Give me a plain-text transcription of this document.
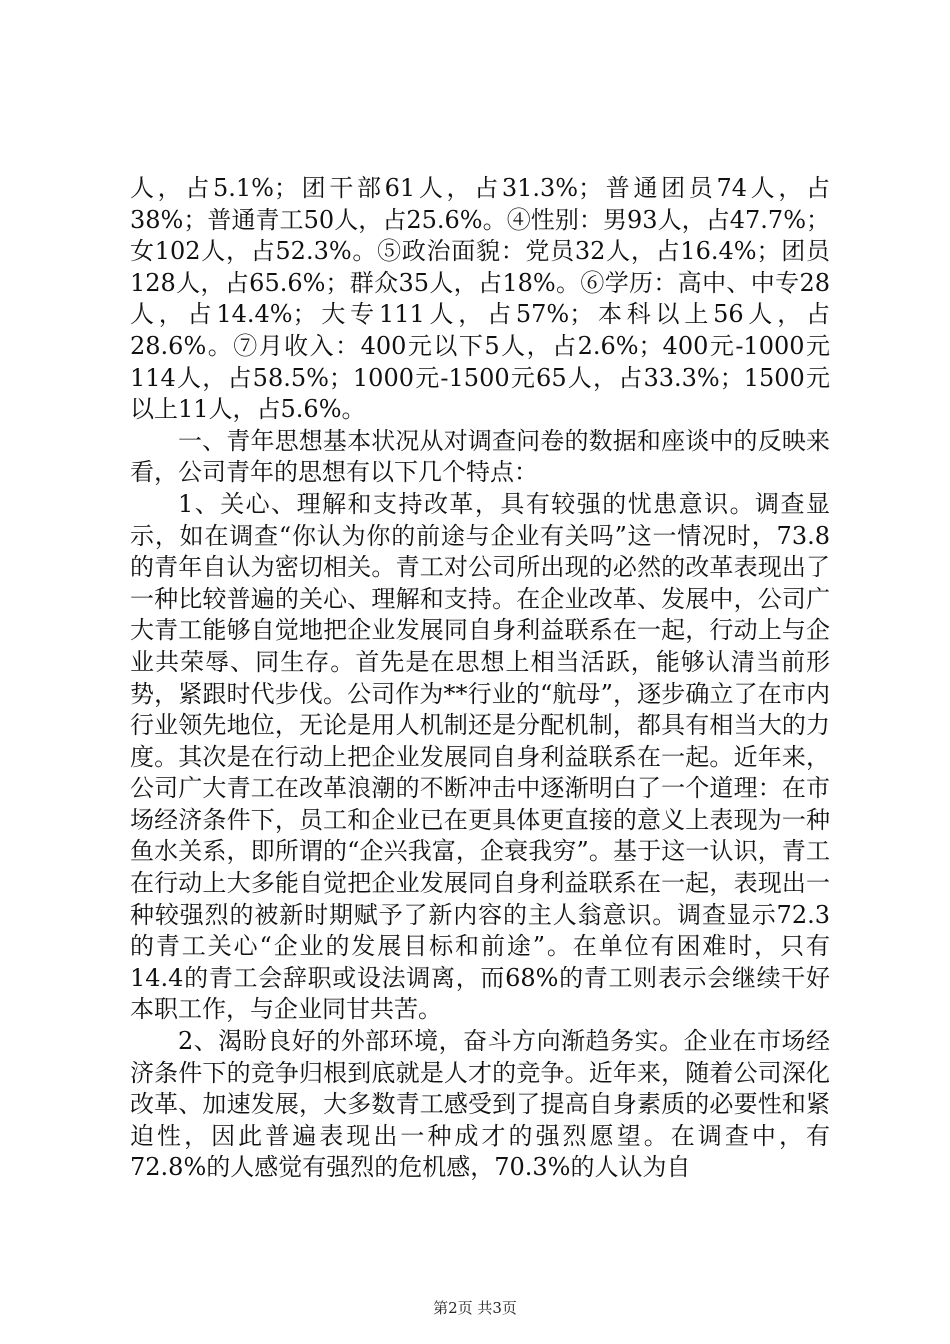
人，占5.1%；团干部61人，占31.3%；普通团员74人，占38%；普通青工50人，占25.6%。④性别：男93人，占47.7%；女102人，占52.3%。⑤政治面貌：党员32人，占16.4%；团员128人，占65.6%；群众35人，占18%。⑥学历：高中、中专28人，占14.4%；大专111人，占57%；本科以上56人，占28.6%。⑦月收入：400元以下5人，占2.6%；400元-1000元114人，占58.5%；1000元-1500元65人，占33.3%；1500元以上11人，占5.6%。

一、青年思想基本状况从对调查问卷的数据和座谈中的反映来看，公司青年的思想有以下几个特点：

1、关心、理解和支持改革，具有较强的忧患意识。调查显示，如在调查“你认为你的前途与企业有关吗”这一情况时，73.8的青年自认为密切相关。青工对公司所出现的必然的改革表现出了一种比较普遍的关心、理解和支持。在企业改革、发展中，公司广大青工能够自觉地把企业发展同自身利益联系在一起，行动上与企业共荣辱、同生存。首先是在思想上相当活跃，能够认清当前形势，紧跟时代步伐。公司作为**行业的“航母”，逐步确立了在市内行业领先地位，无论是用人机制还是分配机制，都具有相当大的力度。其次是在行动上把企业发展同自身利益联系在一起。近年来，公司广大青工在改革浪潮的不断冲击中逐渐明白了一个道理：在市场经济条件下，员工和企业已在更具体更直接的意义上表现为一种鱼水关系，即所谓的“企兴我富，企衰我穷”。基于这一认识，青工在行动上大多能自觉把企业发展同自身利益联系在一起，表现出一种较强烈的被新时期赋予了新内容的主人翁意识。调查显示72.3的青工关心“企业的发展目标和前途”。在单位有困难时，只有14.4的青工会辞职或设法调离，而68%的青工则表示会继续干好本职工作，与企业同甘共苦。

2、渴盼良好的外部环境，奋斗方向渐趋务实。企业在市场经济条件下的竞争归根到底就是人才的竞争。近年来，随着公司深化改革、加速发展，大多数青工感受到了提高自身素质的必要性和紧迫性，因此普遍表现出一种成才的强烈愿望。在调查中，有72.8%的人感觉有强烈的危机感，70.3%的人认为自

第2页 共3页
